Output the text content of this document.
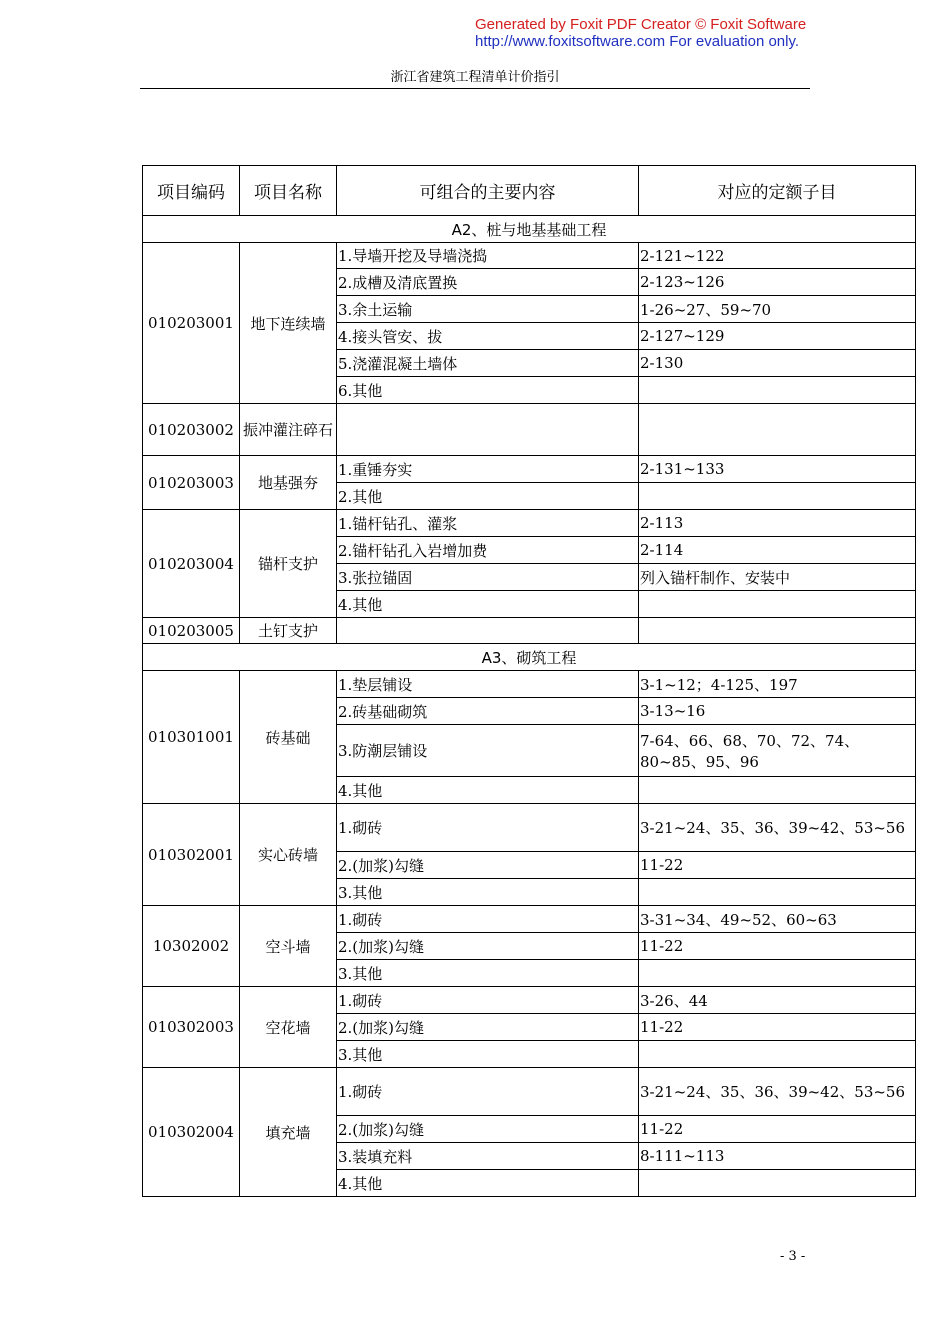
Generated by Foxit PDF Creator © Foxit Software
http://www.foxitsoftware.com For evaluation only.
浙江省建筑工程清单计价指引
项目编码	项目名称	可组合的主要内容	对应的定额子目
A2、桩与地基基础工程			
010203001	地下连续墙	1.导墙开挖及导墙浇捣	2-121~122
		2.成槽及清底置换	2-123~126
		3.余土运输	1-26~27、59~70
		4.接头管安、拔	2-127~129
		5.浇灌混凝土墙体	2-130
		6.其他	
010203002	振冲灌注碎石		
010203003	地基强夯	1.重锤夯实	2-131~133
		2.其他	
010203004	锚杆支护	1.锚杆钻孔、灌浆	2-113
		2.锚杆钻孔入岩增加费	2-114
		3.张拉锚固	列入锚杆制作、安装中
		4.其他	
010203005	土钉支护		
A3、砌筑工程			
010301001	砖基础	1.垫层铺设	3-1~12；4-125、197
		2.砖基础砌筑	3-13~16
		3.防潮层铺设	7-64、66、68、70、72、74、80~85、95、96
		4.其他	
010302001	实心砖墙	1.砌砖	3-21~24、35、36、39~42、53~56
		2.(加浆)勾缝	11-22
		3.其他	
10302002	空斗墙	1.砌砖	3-31~34、49~52、60~63
		2.(加浆)勾缝	11-22
		3.其他	
010302003	空花墙	1.砌砖	3-26、44
		2.(加浆)勾缝	11-22
		3.其他	
010302004	填充墙	1.砌砖	3-21~24、35、36、39~42、53~56
		2.(加浆)勾缝	11-22
		3.装填充料	8-111~113
		4.其他	
- 3 -
